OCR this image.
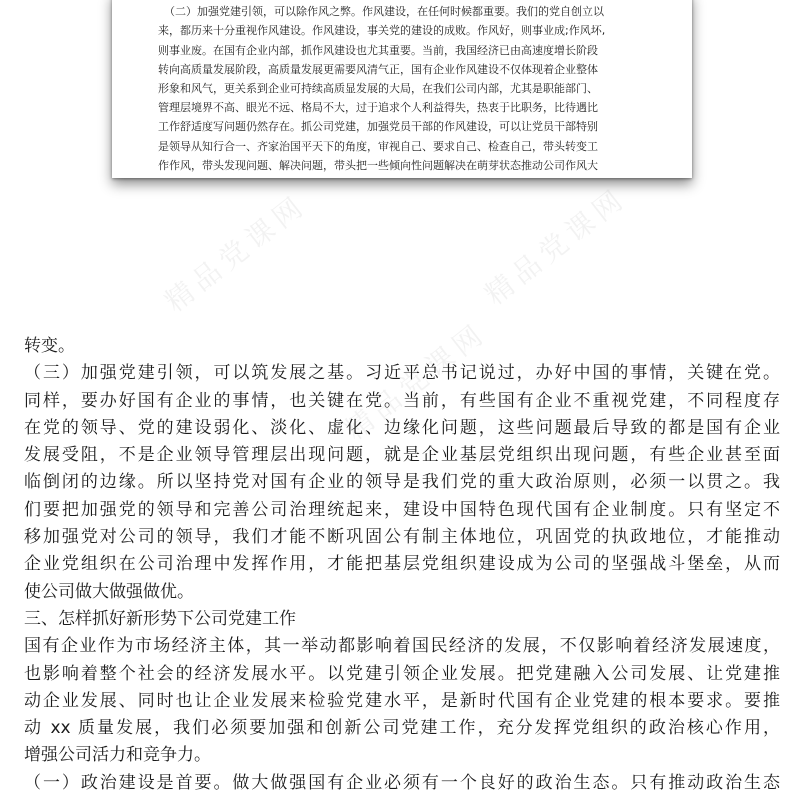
（二）加强党建引领，可以除作风之弊。作风建设，在任何时候都重要。我们的党自创立以
来，都历来十分重视作风建设。作风建设，事关党的建设的成败。作风好，则事业成;作风坏,
则事业废。在国有企业内部，抓作风建设也尤其重要。当前，我国经济已由高速度增长阶段
转向高质量发展阶段，高质量发展更需要风清气正，国有企业作风建设不仅体现着企业整体
形象和风气，更关系到企业可持续高质显发展的大局，在我们公司内部，尤其是职能部门、
管理层境界不高、眼光不远、格局不大，过于追求个人利益得失，热衷于比职务，比待遇比
工作舒适度写问题仍然存在。抓公司党建，加强党员干部的作风建设，可以让党员干部特别
是领导从知行合一、齐家治国平天下的角度，审视自己、要求自己、检查自己，带头转变工
作作风，带头发现问题、解决问题，带头把一些倾向性问题解决在萌芽状态推动公司作风大
精品党课网	精品党课网
精品党课网
转变。
（三）加强党建引领，可以筑发展之基。习近平总书记说过，办好中国的事情，关键在党。
同样，要办好国有企业的事情，也关键在党。当前，有些国有企业不重视党建，不同程度存
在党的领导、党的建设弱化、淡化、虚化、边缘化问题，这些问题最后导致的都是国有企业
发展受阻，不是企业领导管理层出现问题，就是企业基层党组织出现问题，有些企业甚至面
临倒闭的边缘。所以坚持党对国有企业的领导是我们党的重大政治原则，必须一以贯之。我
们要把加强党的领导和完善公司治理统起来，建设中国特色现代国有企业制度。只有坚定不
移加强党对公司的领导，我们才能不断巩固公有制主体地位，巩固党的执政地位，才能推动
企业党组织在公司治理中发挥作用，才能把基层党组织建设成为公司的坚强战斗堡垒，从而
使公司做大做强做优。
三、怎样抓好新形势下公司党建工作
国有企业作为市场经济主体，其一举动都影响着国民经济的发展，不仅影响着经济发展速度，
也影响着整个社会的经济发展水平。以党建引领企业发展。把党建融入公司发展、让党建推
动企业发展、同时也让企业发展来检验党建水平，是新时代国有企业党建的根本要求。要推
动 xx 质量发展，我们必须要加强和创新公司党建工作，充分发挥党组织的政治核心作用，
增强公司活力和竞争力。
（一）政治建设是首要。做大做强国有企业必须有一个良好的政治生态。只有推动政治生态
